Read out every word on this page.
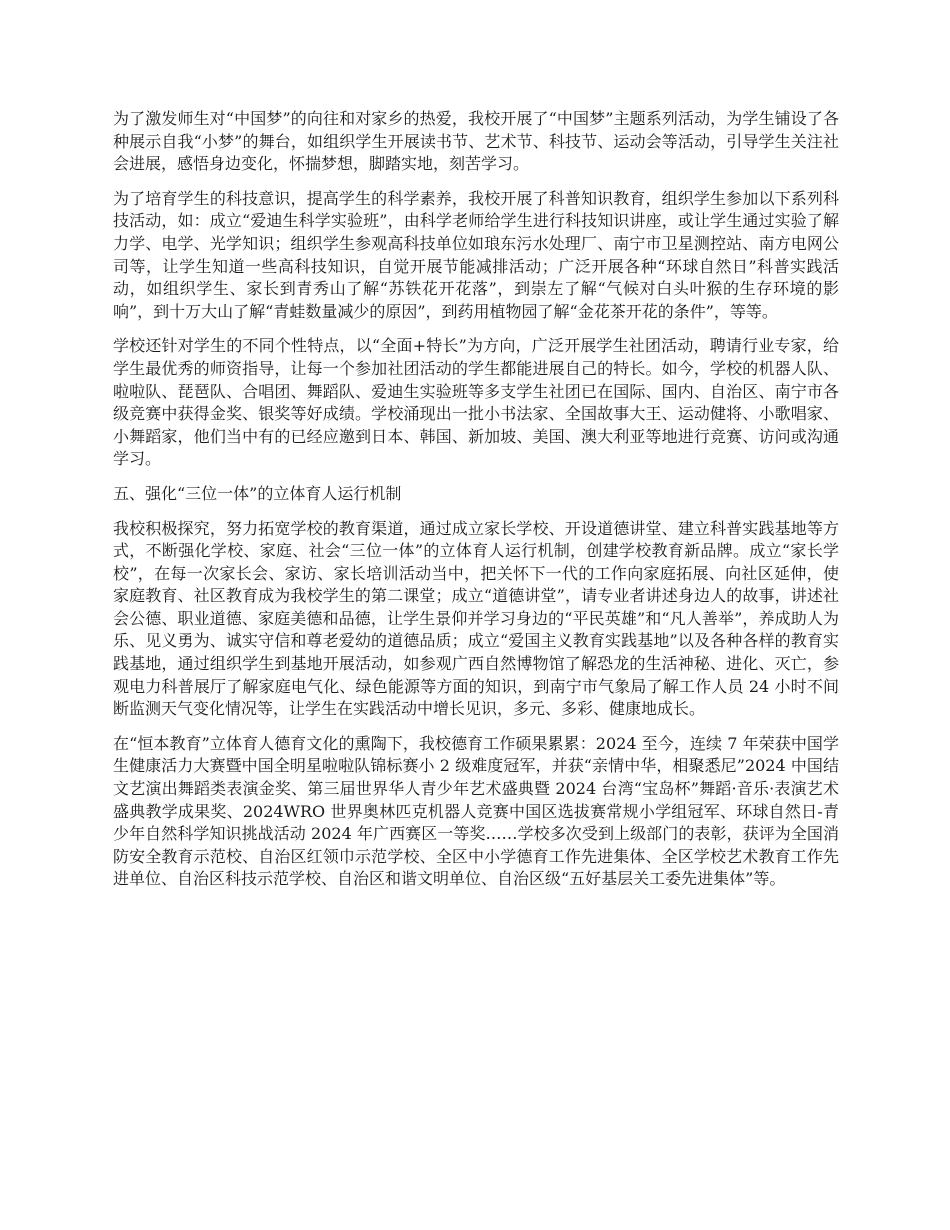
为了激发师生对“中国梦”的向往和对家乡的热爱，我校开展了“中国梦”主题系列活动，为学生铺设了各种展示自我“小梦”的舞台，如组织学生开展读书节、艺术节、科技节、运动会等活动，引导学生关注社会进展，感悟身边变化，怀揣梦想，脚踏实地，刻苦学习。

为了培育学生的科技意识，提高学生的科学素养，我校开展了科普知识教育，组织学生参加以下系列科技活动，如：成立“爱迪生科学实验班”，由科学老师给学生进行科技知识讲座，或让学生通过实验了解力学、电学、光学知识；组织学生参观高科技单位如琅东污水处理厂、南宁市卫星测控站、南方电网公司等，让学生知道一些高科技知识，自觉开展节能减排活动；广泛开展各种“环球自然日”科普实践活动，如组织学生、家长到青秀山了解“苏铁花开花落”，到崇左了解“气候对白头叶猴的生存环境的影响”，到十万大山了解“青蛙数量减少的原因”，到药用植物园了解“金花茶开花的条件”，等等。

学校还针对学生的不同个性特点，以“全面+特长”为方向，广泛开展学生社团活动，聘请行业专家，给学生最优秀的师资指导，让每一个参加社团活动的学生都能进展自己的特长。如今，学校的机器人队、啦啦队、琵琶队、合唱团、舞蹈队、爱迪生实验班等多支学生社团已在国际、国内、自治区、南宁市各级竞赛中获得金奖、银奖等好成绩。学校涌现出一批小书法家、全国故事大王、运动健将、小歌唱家、小舞蹈家，他们当中有的已经应邀到日本、韩国、新加坡、美国、澳大利亚等地进行竞赛、访问或沟通学习。

五、强化“三位一体”的立体育人运行机制

我校积极探究，努力拓宽学校的教育渠道，通过成立家长学校、开设道德讲堂、建立科普实践基地等方式，不断强化学校、家庭、社会“三位一体”的立体育人运行机制，创建学校教育新品牌。成立“家长学校”，在每一次家长会、家访、家长培训活动当中，把关怀下一代的工作向家庭拓展、向社区延伸，使家庭教育、社区教育成为我校学生的第二课堂；成立“道德讲堂”，请专业者讲述身边人的故事，讲述社会公德、职业道德、家庭美德和品德，让学生景仰并学习身边的“平民英雄”和“凡人善举”，养成助人为乐、见义勇为、诚实守信和尊老爱幼的道德品质；成立“爱国主义教育实践基地”以及各种各样的教育实践基地，通过组织学生到基地开展活动，如参观广西自然博物馆了解恐龙的生活神秘、进化、灭亡，参观电力科普展厅了解家庭电气化、绿色能源等方面的知识，到南宁市气象局了解工作人员 24 小时不间断监测天气变化情况等，让学生在实践活动中增长见识，多元、多彩、健康地成长。

在“恒本教育”立体育人德育文化的熏陶下，我校德育工作硕果累累：2024 至今，连续 7 年荣获中国学生健康活力大赛暨中国全明星啦啦队锦标赛小 2 级难度冠军，并获“亲情中华，相聚悉尼”2024 中国结文艺演出舞蹈类表演金奖、第三届世界华人青少年艺术盛典暨 2024 台湾“宝岛杯”舞蹈·音乐·表演艺术盛典教学成果奖、2024WRO 世界奥林匹克机器人竞赛中国区选拔赛常规小学组冠军、环球自然日-青少年自然科学知识挑战活动 2024 年广西赛区一等奖……学校多次受到上级部门的表彰，获评为全国消防安全教育示范校、自治区红领巾示范学校、全区中小学德育工作先进集体、全区学校艺术教育工作先进单位、自治区科技示范学校、自治区和谐文明单位、自治区级“五好基层关工委先进集体”等。
